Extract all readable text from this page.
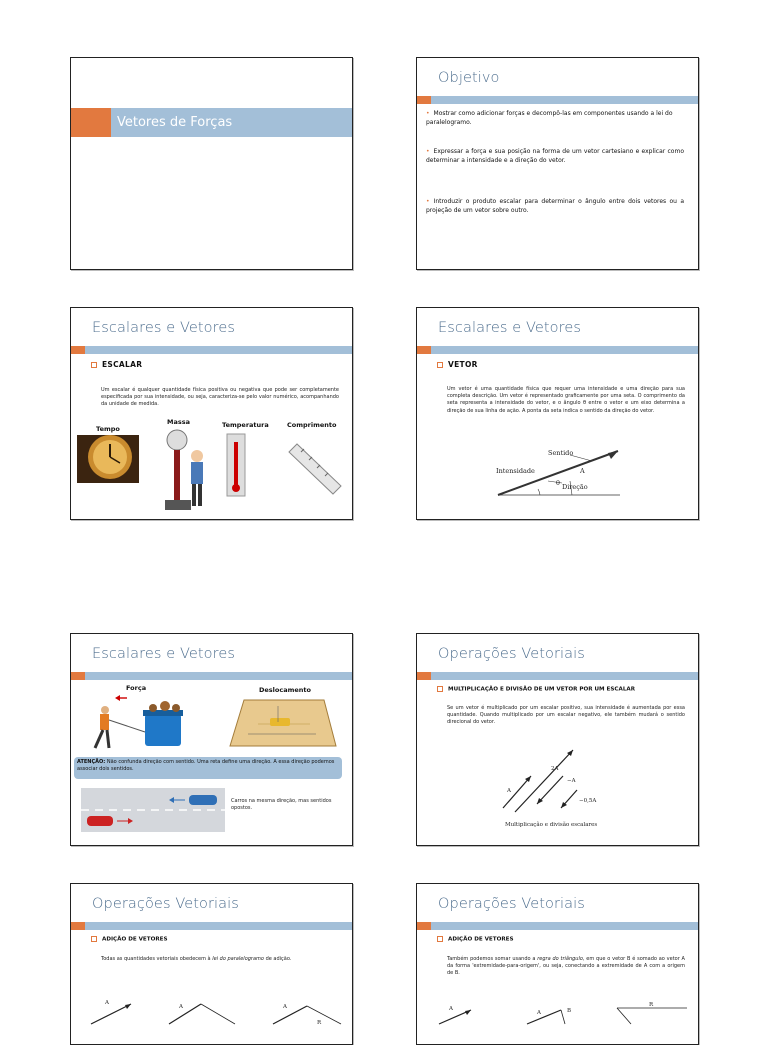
Vetores de Forças
Objetivo
• Mostrar como adicionar forças e decompô-las em componentes usando a lei do paralelogramo.
• Expressar a força e sua posição na forma de um vetor cartesiano e explicar como determinar a intensidade e a direção do vetor.
• Introduzir o produto escalar para determinar o ângulo entre dois vetores ou a projeção de um vetor sobre outro.
Escalares e Vetores
ESCALAR
Um escalar é qualquer quantidade física positiva ou negativa que pode ser completamente especificada por sua intensidade, ou seja, caracteriza-se pelo valor numérico, acompanhando da unidade de medida.
Tempo
Massa	Temperatura	Comprimento
Escalares e Vetores
VETOR
Um vetor é uma quantidade física que requer uma intensidade e uma direção para sua completa descrição. Um vetor é representado graficamente por uma seta. O comprimento da seta representa a intensidade do vetor, e o ângulo θ entre o vetor e um eixo determina a direção de sua linha de ação. A ponta da seta indica o sentido da direção do vetor.
Sentido
Intensidade	A
θ Direção
Escalares e Vetores
Força	Deslocamento
ATENÇÃO: Não confunda direção com sentido. Uma reta define uma direção. A essa direção podemos associar dois sentidos.
Carros na mesma direção, mas sentidos opostos.
Operações Vetoriais
MULTIPLICAÇÃO E DIVISÃO DE UM VETOR POR UM ESCALAR
Se um vetor é multiplicado por um escalar positivo, sua intensidade é aumentada por essa quantidade. Quando multiplicado por um escalar negativo, ele também mudará o sentido direcional do vetor.
A
2A
−A
−0,5A
Multiplicação e divisão escalares
Operações Vetoriais
ADIÇÃO DE VETORES
Todas as quantidades vetoriais obedecem à lei do paralelogramo de adição.
A
A	A
R
Operações Vetoriais
ADIÇÃO DE VETORES
Também podemos somar usando a regra do triângulo, em que o vetor B é somado ao vetor A da forma 'extremidade-para-origem', ou seja, conectando a extremidade de A com a origem de B.
A
A	B
R
